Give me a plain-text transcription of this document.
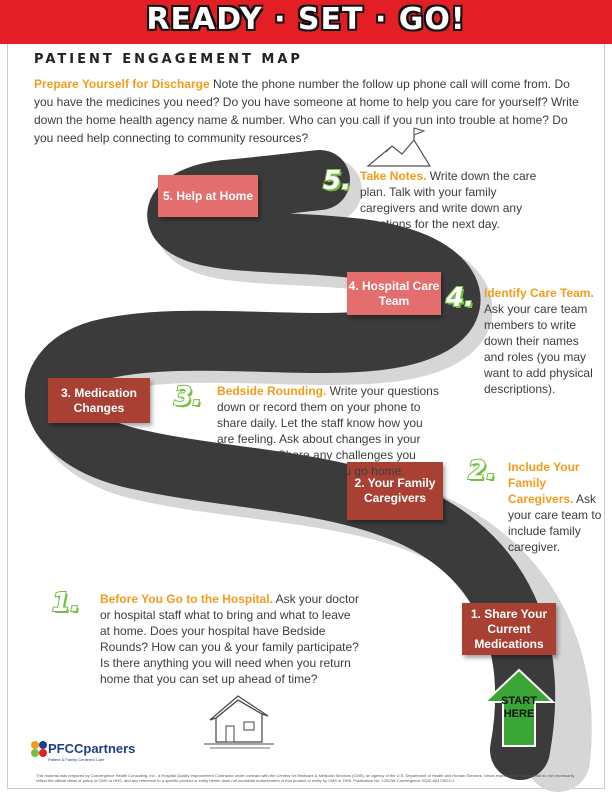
READY · SET · GO!
PATIENT ENGAGEMENT MAP
Prepare Yourself for Discharge Note the phone number the follow up phone call will come from. Do you have the medicines you need? Do you have someone at home to help you care for yourself? Write down the home health agency name & number. Who can you call if you run into trouble at home? Do you need help connecting to community resources?
5. Help at Home
4. Hospital Care Team
3. Medication Changes
2. Your Family Caregivers
1. Share Your Current Medications
5.
4.
3.
2.
1.
Take Notes. Write down the care plan. Talk with your family caregivers and write down any questions for the next day.
Identify Care Team. Ask your care team members to write down their names and roles (you may want to add physical descriptions).
Bedside Rounding. Write your questions down or record them on your phone to share daily. Let the staff know how you are feeling. Ask about changes in your medicines. Share any challenges you may encounter when you go home.	Include Your Family Caregivers. Ask your care team to include family caregiver.
Before You Go to the Hospital. Ask your doctor or hospital staff what to bring and what to leave at home. Does your hospital have Bedside Rounds? How can you & your family participate? Is there anything you will need when you return home that you can set up ahead of time?
START
HERE
PFCCpartners
Patient & Family Centered Care
This material was prepared by Convergence Health Consulting, Inc., a Hospital Quality Improvement Contractor under contract with the Centers for Medicare & Medicaid Services (CMS), an agency of the U.S. Department of Health and Human Services. Views expressed in this material do not necessarily reflect the official views or policy of CMS or HHS, and any reference to a specific product or entity herein does not constitute endorsement of that product or entity by CMS or HHS. Publication No. 12SOW-Convergence HQIC-08172022-1
